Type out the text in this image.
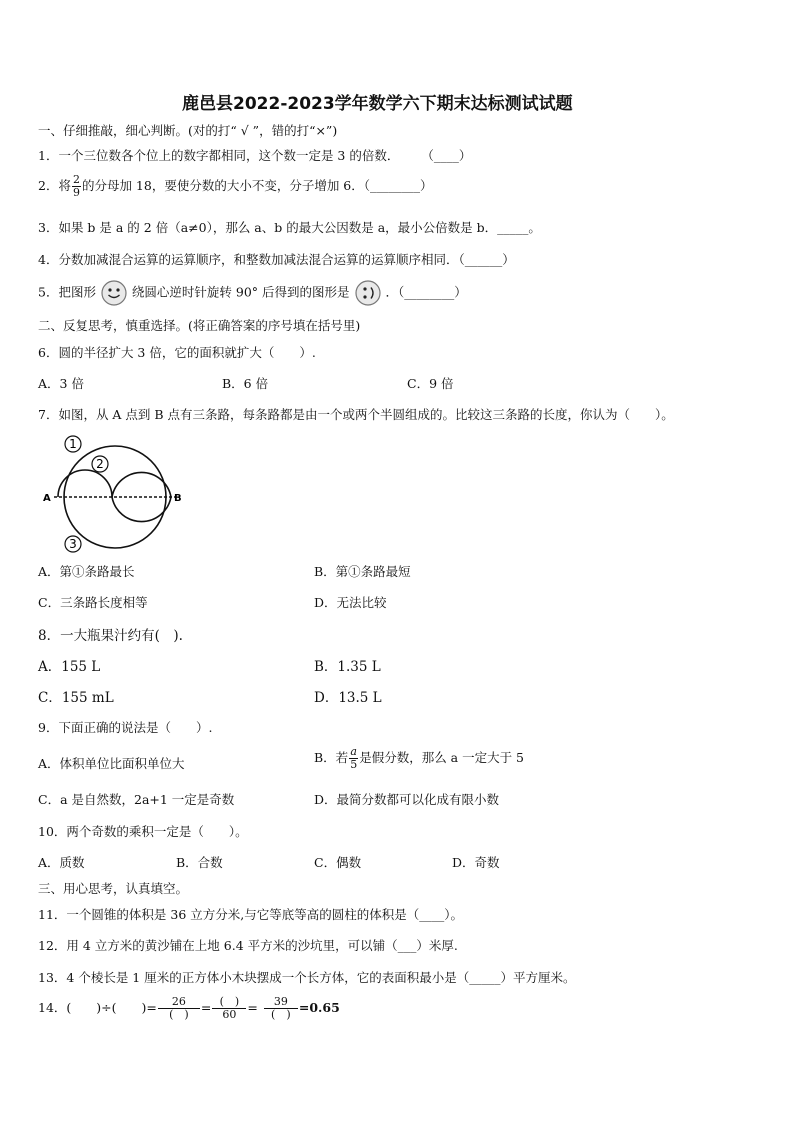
鹿邑县2022-2023学年数学六下期末达标测试试题
一、仔细推敲，细心判断。(对的打“ √ ”，错的打“×”)
1．一个三位数各个位上的数字都相同，这个数一定是 3 的倍数． （____）
2．将 $\frac{2}{9}$ 的分母加 18，要使分数的大小不变，分子增加 6．（________）
3．如果 b 是 a 的 2 倍（a≠0），那么 a、b 的最大公因数是 a，最小公倍数是 b．_____。
4．分数加减混合运算的运算顺序，和整数加减法混合运算的运算顺序相同．（______）
5．把图形	绕圆心逆时针旋转 90° 后得到的图形是	．（________）
二、反复思考，慎重选择。(将正确答案的序号填在括号里)
6．圆的半径扩大 3 倍，它的面积就扩大（　　）.
A．3 倍	B．6 倍	C．9 倍
7．如图，从 A 点到 B 点有三条路，每条路都是由一个或两个半圆组成的。比较这三条路的长度，你认为（　　）。
1
2
3
A	B
A．第①条路最长	B．第①条路最短
C．三条路长度相等	D．无法比较
8．一大瓶果汁约有(　).
A．155 L	B．1.35 L
C．155 mL	D．13.5 L
9．下面正确的说法是（　　）.
A．体积单位比面积单位大	B．若 $\frac{a}{5}$ 是假分数，那么 a 一定大于 5
C．a 是自然数，2a+1 一定是奇数	D．最简分数都可以化成有限小数
10．两个奇数的乘积一定是（　　）。
A．质数	B．合数	C．偶数	D．奇数
三、用心思考，认真填空。
11．一个圆锥的体积是 36 立方分米,与它等底等高的圆柱的体积是（____）。
12．用 4 立方米的黄沙铺在上地 6.4 平方米的沙坑里，可以铺（___）米厚.
13．4 个棱长是 1 厘米的正方体小木块摆成一个长方体，它的表面积最小是（_____）平方厘米。
14．(　　)÷(　　)= $\frac{26}{( )} = \frac{( )}{60} = \frac{39}{( )} =0.65$
